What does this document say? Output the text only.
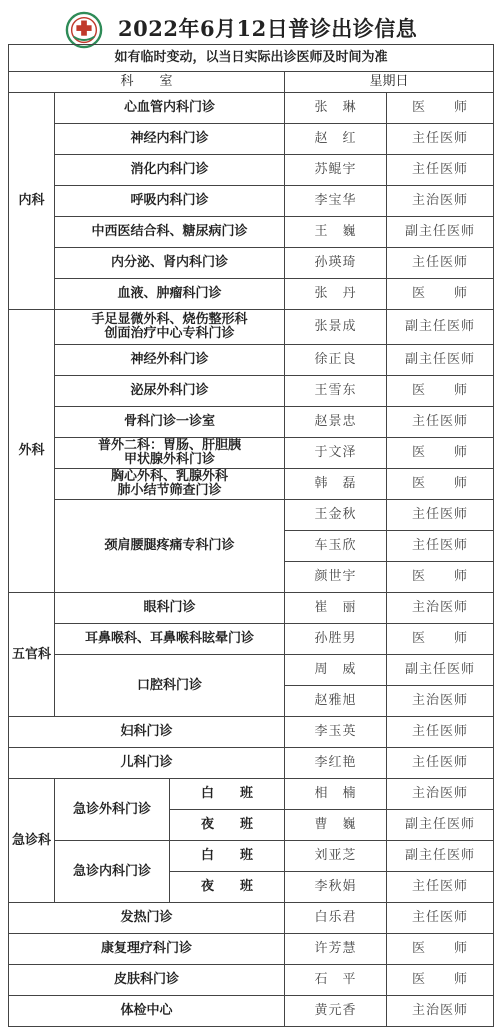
2022年6月12日普诊出诊信息
如有临时变动，以当日实际出诊医师及时间为准				
科　　室			星期日	
内科	心血管内科门诊		张　琳	医　　师
	神经内科门诊		赵　红	主任医师
	消化内科门诊		苏鲲宇	主任医师
	呼吸内科门诊		李宝华	主治医师
	中西医结合科、糖尿病门诊		王　巍	副主任医师
	内分泌、肾内科门诊		孙瑛琦	主任医师
	血液、肿瘤科门诊		张　丹	医　　师
外科	手足显微外科、烧伤整形科
创面治疗中心专科门诊		张景成	副主任医师
	神经外科门诊		徐正良	副主任医师
	泌尿外科门诊		王雪东	医　　师
	骨科门诊一诊室		赵景忠	主任医师
	普外二科：胃肠、肝胆胰
甲状腺外科门诊		于文泽	医　　师
	胸心外科、乳腺外科
肺小结节筛查门诊		韩　磊	医　　师
	颈肩腰腿疼痛专科门诊		王金秋	主任医师
			车玉欣	主任医师
			颜世宇	医　　师
五官科	眼科门诊		崔　丽	主治医师
	耳鼻喉科、耳鼻喉科眩晕门诊		孙胜男	医　　师
	口腔科门诊		周　威	副主任医师
			赵雅旭	主治医师
妇科门诊			李玉英	主任医师
儿科门诊			李红艳	主任医师
急诊科	急诊外科门诊	白　　班	相　楠	主治医师
		夜　　班	曹　巍	副主任医师
	急诊内科门诊	白　　班	刘亚芝	副主任医师
		夜　　班	李秋娟	主任医师
发热门诊			白乐君	主任医师
康复理疗科门诊			许芳慧	医　　师
皮肤科门诊			石　平	医　　师
体检中心			黄元香	主治医师
